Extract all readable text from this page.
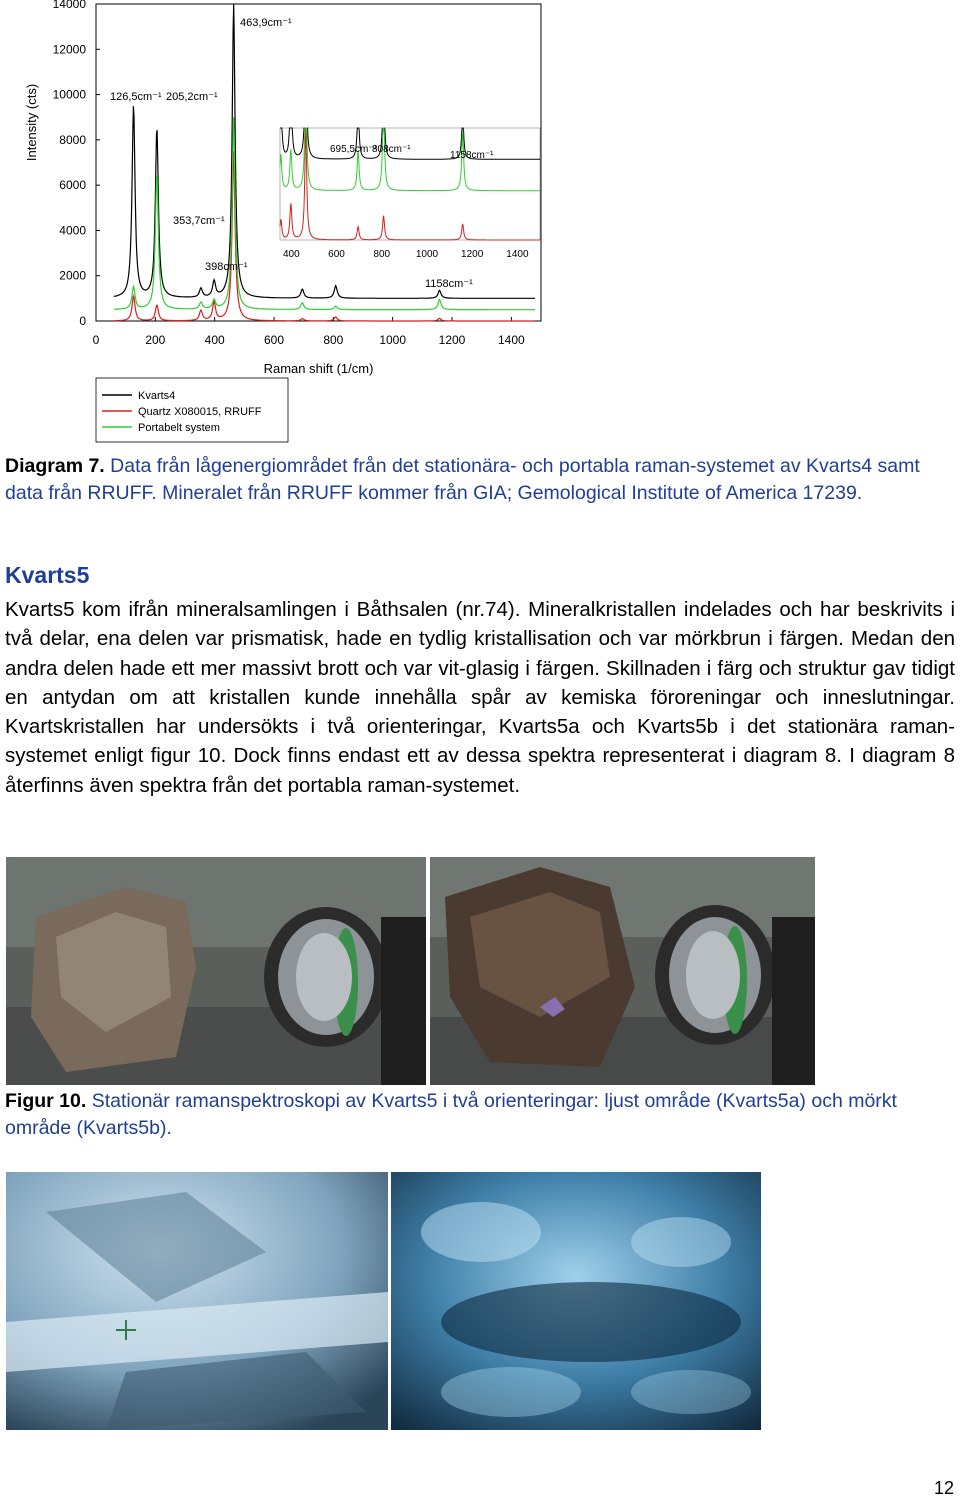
0	200	400	600	800	1000	1200	1400
0
2000
4000
6000
8000
10000
12000
14000
Raman shift (1/cm)
Intensity (cts)
463,9cm⁻¹
126,5cm⁻¹ 205,2cm⁻¹
353,7cm⁻¹
398cm⁻¹
1158cm⁻¹
400	600	800	1000 1200 1400
695,5cm⁻¹
808cm⁻¹
1158cm⁻¹
Kvarts4
Quartz X080015, RRUFF
Portabelt system
Diagram 7. Data från lågenergiområdet från det stationära- och portabla raman-systemet av Kvarts4 samt data från RRUFF. Mineralet från RRUFF kommer från GIA; Gemological Institute of America 17239.
Kvarts5
Kvarts5 kom ifrån mineralsamlingen i Båthsalen (nr.74). Mineralkristallen indelades och har beskrivits i två delar, ena delen var prismatisk, hade en tydlig kristallisation och var mörkbrun i färgen. Medan den andra delen hade ett mer massivt brott och var vit-glasig i färgen. Skillnaden i färg och struktur gav tidigt en antydan om att kristallen kunde innehålla spår av kemiska föroreningar och inneslutningar. Kvartskristallen har undersökts i två orienteringar, Kvarts5a och Kvarts5b i det stationära raman-systemet enligt figur 10. Dock finns endast ett av dessa spektra representerat i diagram 8. I diagram 8 återfinns även spektra från det portabla raman-systemet.
Figur 10. Stationär ramanspektroskopi av Kvarts5 i två orienteringar: ljust område (Kvarts5a) och mörkt område (Kvarts5b).
12
